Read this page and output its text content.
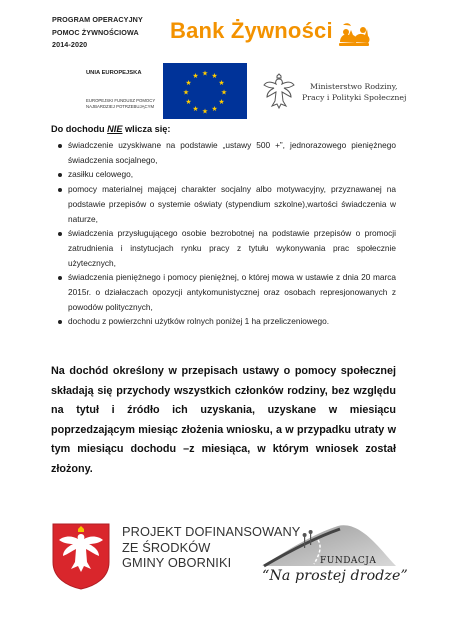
PROGRAM OPERACYJNY
POMOC ŻYWNOŚCIOWA
2014-2020
Bank Żywności
UNIA EUROPEJSKA
EUROPEJSKI FUNDUSZ POMOCY
NAJBARDZIEJ POTRZEBUJĄCYM
★ ★
★
★
★
★
★
★
★
★
★
★
Ministerstwo Rodziny,
Pracy i Polityki Społecznej
Do dochodu NIE wlicza się:
świadczenie uzyskiwane na podstawie „ustawy 500 +”, jednorazowego pieniężnego świadczenia socjalnego,
zasiłku celowego,
pomocy materialnej mającej charakter socjalny albo motywacyjny, przyznawanej na podstawie przepisów o systemie oświaty (stypendium szkolne),wartości świadczenia w naturze,
świadczenia przysługującego osobie bezrobotnej na podstawie przepisów o promocji zatrudnienia i instytucjach rynku pracy z tytułu wykonywania prac społecznie użytecznych,
świadczenia pieniężnego i pomocy pieniężnej, o której mowa w ustawie z dnia 20 marca 2015r. o działaczach opozycji antykomunistycznej oraz osobach represjonowanych z powodów politycznych,
dochodu z powierzchni użytków rolnych poniżej 1 ha przeliczeniowego.

Na dochód określony w przepisach ustawy o pomocy społecznej składają się przychody wszystkich członków rodziny, bez względu na tytuł i źródło ich uzyskania, uzyskane w miesiącu poprzedzającym miesiąc złożenia wniosku, a w przypadku utraty w tym miesiącu dochodu –z miesiąca, w którym wniosek został złożony.

PROJEKT DOFINANSOWANY
ZE ŚRODKÓW
GMINY OBORNIKI	FUNDACJA
“Na prostej drodze”
